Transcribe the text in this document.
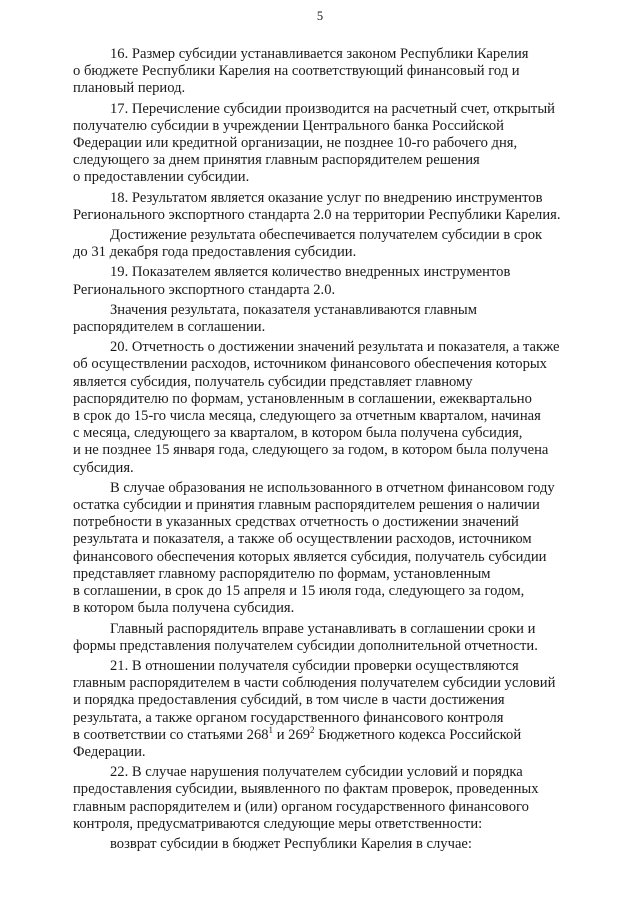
5
16. Размер субсидии устанавливается законом Республики Карелия
о бюджете Республики Карелия на соответствующий финансовый год и
плановый период.
17. Перечисление субсидии производится на расчетный счет, открытый
получателю субсидии в учреждении Центрального банка Российской
Федерации или кредитной организации, не позднее 10-го рабочего дня,
следующего за днем принятия главным распорядителем решения
о предоставлении субсидии.
18. Результатом является оказание услуг по внедрению инструментов
Регионального экспортного стандарта 2.0 на территории Республики Карелия.
Достижение результата обеспечивается получателем субсидии в срок
до 31 декабря года предоставления субсидии.
19. Показателем является количество внедренных инструментов
Регионального экспортного стандарта 2.0.
Значения результата, показателя устанавливаются главным
распорядителем в соглашении.
20. Отчетность о достижении значений результата и показателя, а также
об осуществлении расходов, источником финансового обеспечения которых
является субсидия, получатель субсидии представляет главному
распорядителю по формам, установленным в соглашении, ежеквартально
в срок до 15-го числа месяца, следующего за отчетным кварталом, начиная
с месяца, следующего за кварталом, в котором была получена субсидия,
и не позднее 15 января года, следующего за годом, в котором была получена
субсидия.
В случае образования не использованного в отчетном финансовом году
остатка субсидии и принятия главным распорядителем решения о наличии
потребности в указанных средствах отчетность о достижении значений
результата и показателя, а также об осуществлении расходов, источником
финансового обеспечения которых является субсидия, получатель субсидии
представляет главному распорядителю по формам, установленным
в соглашении, в срок до 15 апреля и 15 июля года, следующего за годом,
в котором была получена субсидия.
Главный распорядитель вправе устанавливать в соглашении сроки и
формы представления получателем субсидии дополнительной отчетности.
21. В отношении получателя субсидии проверки осуществляются
главным распорядителем в части соблюдения получателем субсидии условий
и порядка предоставления субсидий, в том числе в части достижения
результата, а также органом государственного финансового контроля
в соответствии со статьями $268^1$ и $269^2$ Бюджетного кодекса Российской
Федерации.
22. В случае нарушения получателем субсидии условий и порядка
предоставления субсидии, выявленного по фактам проверок, проведенных
главным распорядителем и (или) органом государственного финансового
контроля, предусматриваются следующие меры ответственности:
возврат субсидии в бюджет Республики Карелия в случае:
